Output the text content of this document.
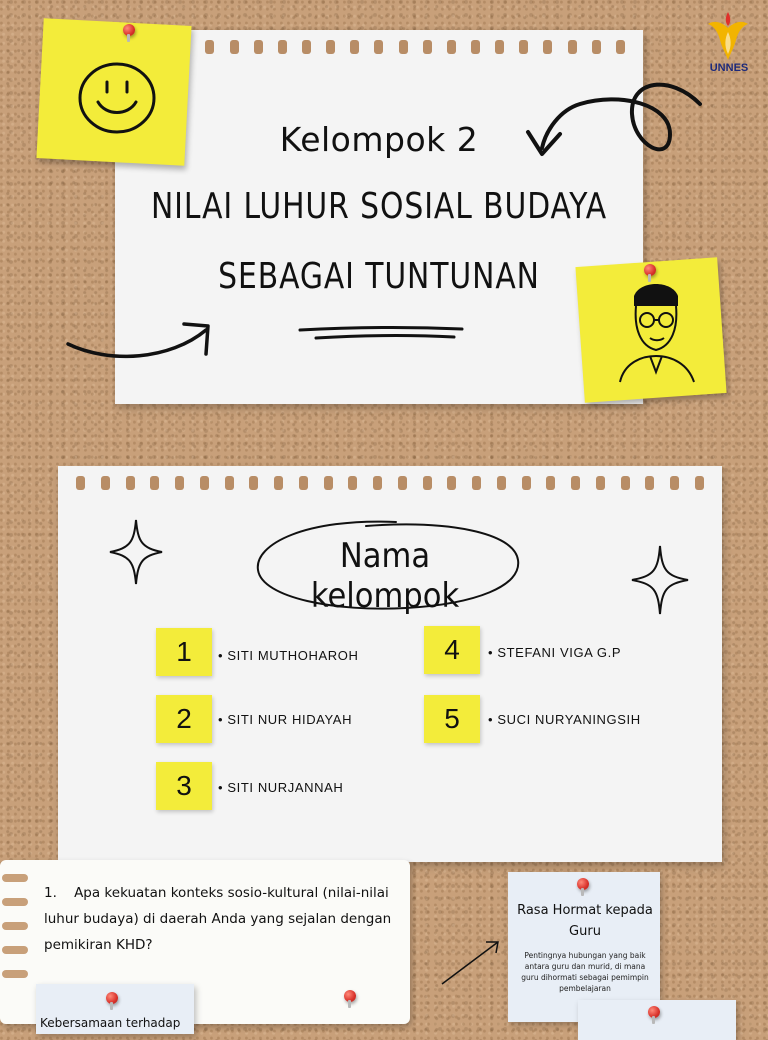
UNNES
Kelompok 2
NILAI LUHUR SOSIAL BUDAYA
SEBAGAI TUNTUNAN
Nama kelompok
1	• SITI MUTHOHAROH
2	• SITI NUR HIDAYAH
3	• SITI NURJANNAH
4	• STEFANI VIGA G.P
5	• SUCI NURYANINGSIH
1. Apa kekuatan konteks sosio-kultural (nilai-nilai
luhur budaya) di daerah Anda yang sejalan dengan
pemikiran KHD?
Rasa Hormat kepada Guru
Pentingnya hubungan yang baik antara guru dan murid, di mana guru dihormati sebagai pemimpin pembelajaran
Kebersamaan terhadap
